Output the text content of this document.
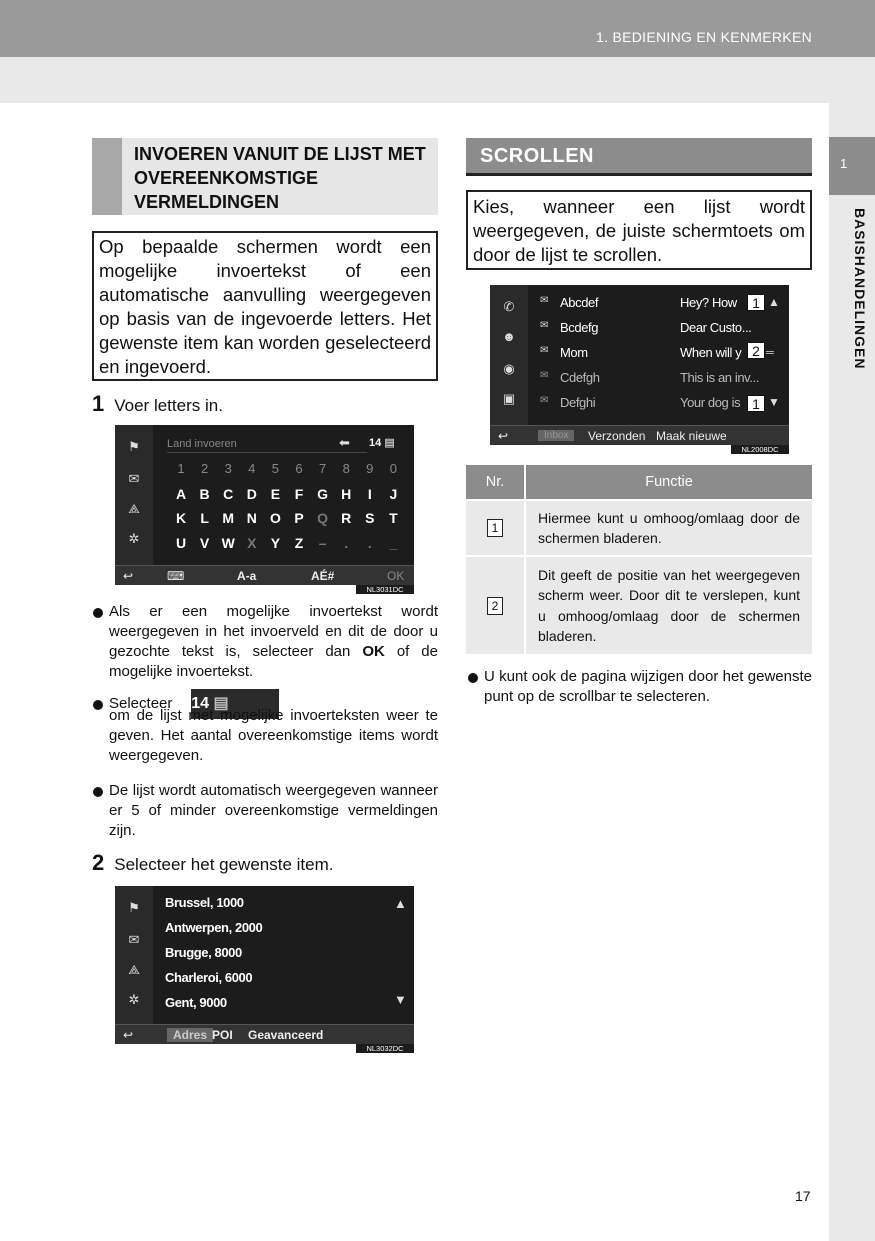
1. BEDIENING EN KENMERKEN
1
BASISHANDELINGEN
INVOEREN VANUIT DE LIJST MET OVEREENKOMSTIGE VERMELDINGEN
Op bepaalde schermen wordt een mogelijke invoertekst of een automatische aanvulling weergegeven op basis van de ingevoerde letters. Het gewenste item kan worden geselecteerd en ingevoerd.
1 Voer letters in.
⚑
✉
⟁
✲
Land invoeren	⬅ 14 ▤
1	2	3	4	5	6	7	8	9	0
A B C D E	F G H	I	J
K	L M N O P Q R S	T
U V W X	Y	Z	–	.	.	_
↩	⌨	A-a	AÉ#	OK
NL3031DC
Als er een mogelijke invoertekst wordt weergegeven in het invoerveld en dit de door u gezochte tekst is, selecteer dan OK of de mogelijke invoertekst.
Selecteer 14 ▤
om de lijst met mogelijke invoerteksten weer te geven. Het aantal overeenkomstige items wordt weergegeven.
De lijst wordt automatisch weergegeven wanneer er 5 of minder overeenkomstige vermeldingen zijn.
2 Selecteer het gewenste item.
⚑
✉
⟁
✲
Brussel, 1000
Antwerpen, 2000
Brugge, 8000
Charleroi, 6000
Gent, 9000
▲
▼
↩	Adres POI Geavanceerd
NL3032DC
SCROLLEN
Kies, wanneer een lijst wordt weergegeven, de juiste schermtoets om door de lijst te scrollen.
✆
☻
◉
▣
✉ Abcdef	Hey? How
✉ Bcdefg	Dear Custo...
✉ Mom	When will y
✉ Cdefgh	This is an inv...
✉ Defghi	Your dog is
▲
▼
═
1
2
1
↩	Inbox	Verzonden Maak nieuwe
NL2008DC
Nr.	Functie
1	Hiermee kunt u omhoog/omlaag door de schermen bladeren.
2	Dit geeft de positie van het weergegeven scherm weer. Door dit te verslepen, kunt u omhoog/omlaag door de schermen bladeren.
U kunt ook de pagina wijzigen door het gewenste punt op de scrollbar te selecteren.
17
